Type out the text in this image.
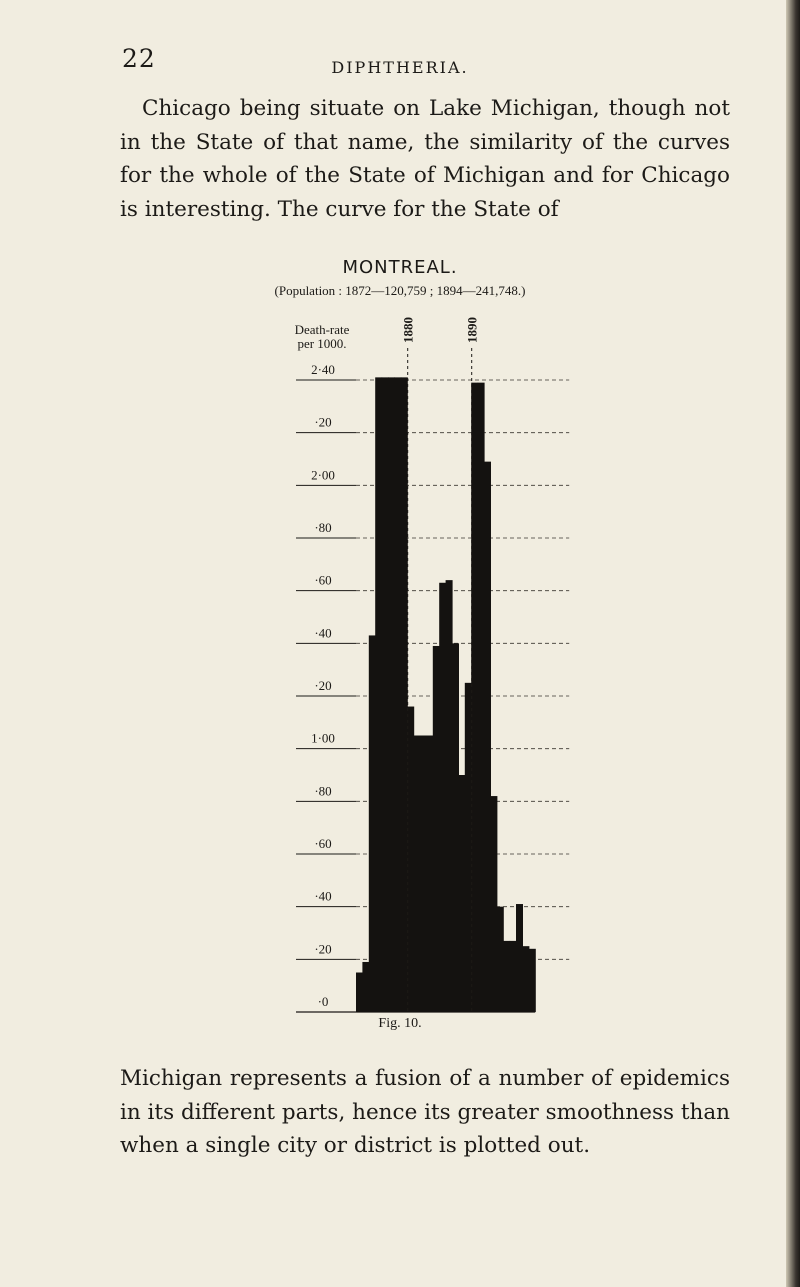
22	DIPHTHERIA.

Chicago being situate on Lake Michigan, though not in the State of that name, the similarity of the curves for the whole of the State of Michigan and for Chicago is interesting. The curve for the State of

MONTREAL.
(Population : 1872—120,759 ; 1894—241,748.)
Death-rate per 1000.
2·40
·20
2·00
·80
·60
·40
·20
1·00
·80
·60
·40
·20
·0
1880	1890
Fig. 10.

Michigan represents a fusion of a number of epidemics in its different parts, hence its greater smoothness than when a single city or district is plotted out.
